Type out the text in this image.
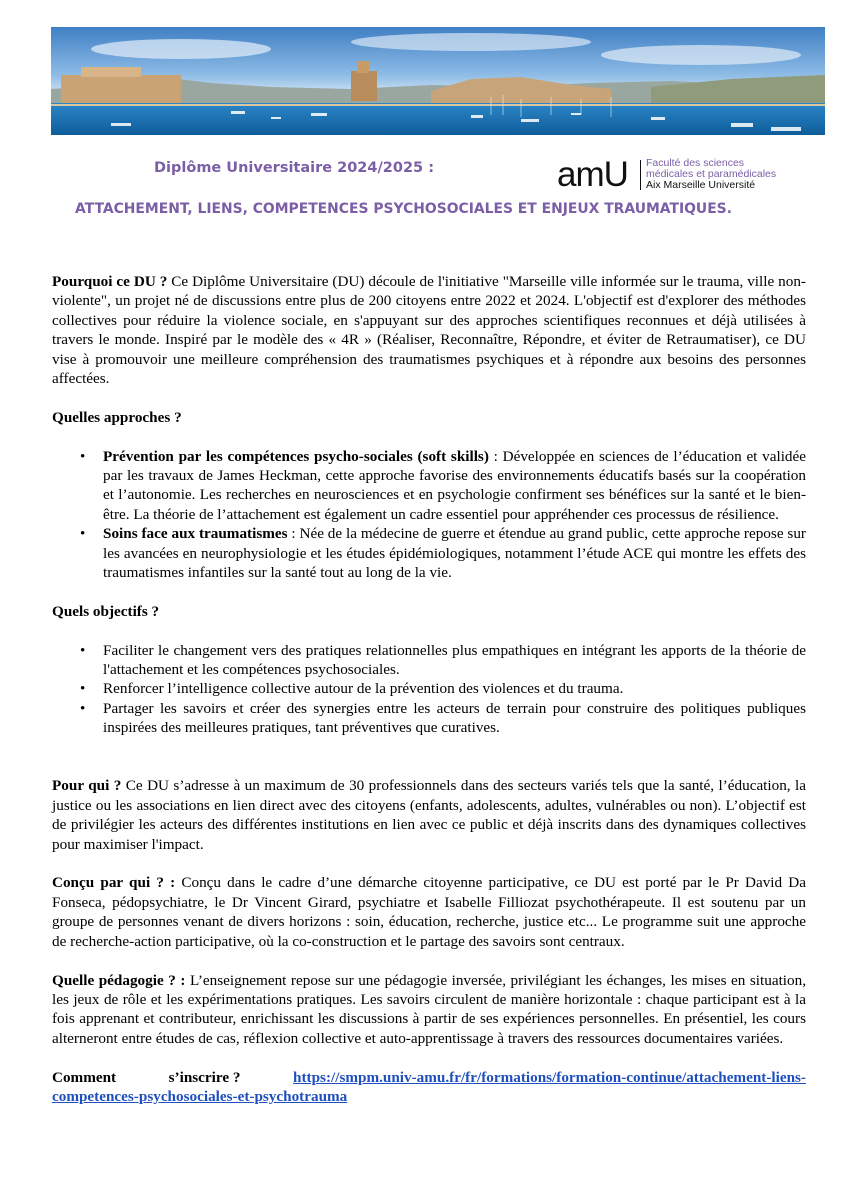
Diplôme Universitaire 2024/2025 :	amU Faculté des sciences
médicales et paramédicales
Aix Marseille Université
ATTACHEMENT, LIENS, COMPETENCES PSYCHOSOCIALES ET ENJEUX TRAUMATIQUES.

Pourquoi ce DU ? Ce Diplôme Universitaire (DU) découle de l'initiative "Marseille ville informée sur le trauma, ville non-violente", un projet né de discussions entre plus de 200 citoyens entre 2022 et 2024. L'objectif est d'explorer des méthodes collectives pour réduire la violence sociale, en s'appuyant sur des approches scientifiques reconnues et déjà utilisées à travers le monde. Inspiré par le modèle des « 4R » (Réaliser, Reconnaître, Répondre, et éviter de Retraumatiser), ce DU vise à promouvoir une meilleure compréhension des traumatismes psychiques et à répondre aux besoins des personnes affectées.

Quelles approches ?

• Prévention par les compétences psycho-sociales (soft skills) : Développée en sciences de l’éducation et validée par les travaux de James Heckman, cette approche favorise des environnements éducatifs basés sur la coopération et l’autonomie. Les recherches en neurosciences et en psychologie confirment ses bénéfices sur la santé et le bien-être. La théorie de l’attachement est également un cadre essentiel pour appréhender ces processus de résilience.
• Soins face aux traumatismes : Née de la médecine de guerre et étendue au grand public, cette approche repose sur les avancées en neurophysiologie et les études épidémiologiques, notamment l’étude ACE qui montre les effets des traumatismes infantiles sur la santé tout au long de la vie.

Quels objectifs ?

• Faciliter le changement vers des pratiques relationnelles plus empathiques en intégrant les apports de la théorie de l'attachement et les compétences psychosociales.
• Renforcer l’intelligence collective autour de la prévention des violences et du trauma.
• Partager les savoirs et créer des synergies entre les acteurs de terrain pour construire des politiques publiques inspirées des meilleures pratiques, tant préventives que curatives.

Pour qui ? Ce DU s’adresse à un maximum de 30 professionnels dans des secteurs variés tels que la santé, l’éducation, la justice ou les associations en lien direct avec des citoyens (enfants, adolescents, adultes, vulnérables ou non). L’objectif est de privilégier les acteurs des différentes institutions en lien avec ce public et déjà inscrits dans des dynamiques collectives pour maximiser l'impact.

Conçu par qui ? : Conçu dans le cadre d’une démarche citoyenne participative, ce DU est porté par le Pr David Da Fonseca, pédopsychiatre, le Dr Vincent Girard, psychiatre et Isabelle Filliozat psychothérapeute. Il est soutenu par un groupe de personnes venant de divers horizons : soin, éducation, recherche, justice etc... Le programme suit une approche de recherche-action participative, où la co-construction et le partage des savoirs sont centraux.

Quelle pédagogie ? : L’enseignement repose sur une pédagogie inversée, privilégiant les échanges, les mises en situation, les jeux de rôle et les expérimentations pratiques. Les savoirs circulent de manière horizontale : chaque participant est à la fois apprenant et contributeur, enrichissant les discussions à partir de ses expériences personnelles. En présentiel, les cours alterneront entre études de cas, réflexion collective et auto-apprentissage à travers des ressources documentaires variées.

Comment	s’inscrire ?	https://smpm.univ-amu.fr/fr/formations/formation-continue/attachement-liens-
competences-psychosociales-et-psychotrauma
